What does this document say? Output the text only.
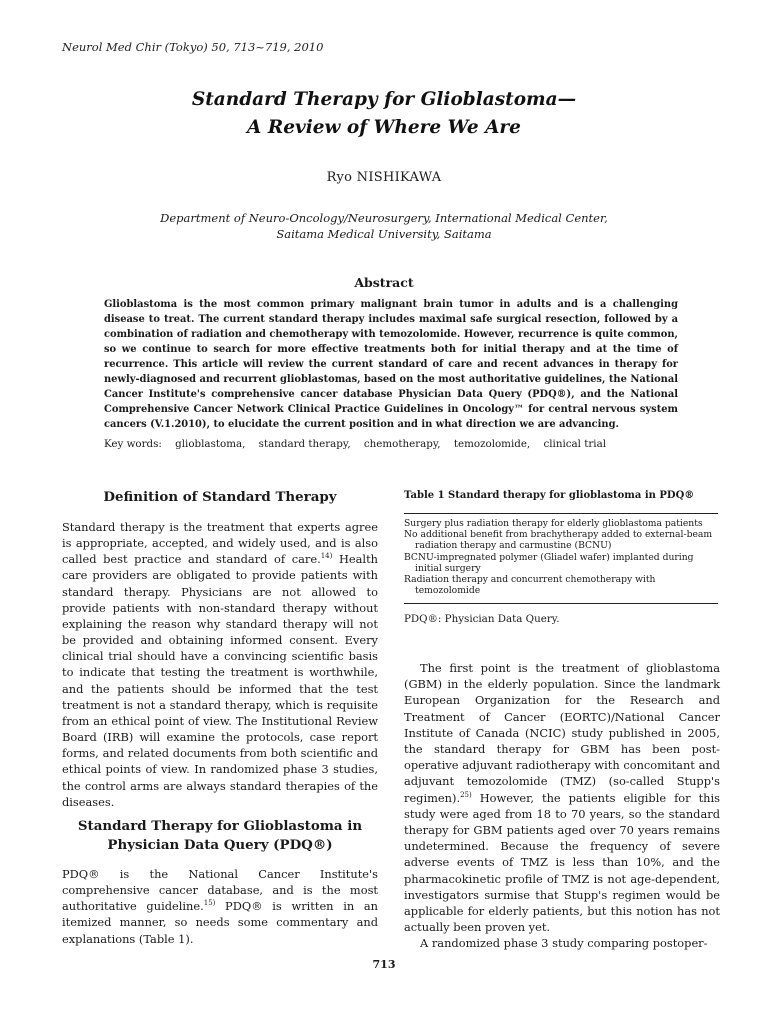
Neurol Med Chir (Tokyo) 50, 713~719, 2010
Standard Therapy for Glioblastoma—
A Review of Where We Are
Ryo NISHIKAWA
Department of Neuro-Oncology/Neurosurgery, International Medical Center,
Saitama Medical University, Saitama
Abstract
Glioblastoma is the most common primary malignant brain tumor in adults and is a challenging disease to treat. The current standard therapy includes maximal safe surgical resection, followed by a combination of radiation and chemotherapy with temozolomide. However, recurrence is quite common, so we continue to search for more effective treatments both for initial therapy and at the time of recurrence. This article will review the current standard of care and recent advances in therapy for newly-diagnosed and recurrent glioblastomas, based on the most authoritative guidelines, the National Cancer Institute's comprehensive cancer database Physician Data Query (PDQ®), and the National Comprehensive Cancer Network Clinical Practice Guidelines in Oncology™ for central nervous system cancers (V.1.2010), to elucidate the current position and in what direction we are advancing.
Key words: glioblastoma, standard therapy, chemotherapy, temozolomide, clinical trial
Definition of Standard Therapy

Standard therapy is the treatment that experts agree is appropriate, accepted, and widely used, and is also called best practice and standard of care.$^{14)}$ Health care providers are obligated to provide patients with standard therapy. Physicians are not allowed to provide patients with non-standard therapy without explaining the reason why standard therapy will not be provided and obtaining informed consent. Every clinical trial should have a convincing scientific basis to indicate that testing the treatment is worthwhile, and the patients should be informed that the test treatment is not a standard therapy, which is requisite from an ethical point of view. The Institutional Review Board (IRB) will examine the protocols, case report forms, and related documents from both scientific and ethical points of view. In randomized phase 3 studies, the control arms are always standard therapies of the diseases.

Standard Therapy for Glioblastoma in
Physician Data Query (PDQ®)

PDQ® is the National Cancer Institute's comprehensive cancer database, and is the most authoritative guideline.$^{15)}$ PDQ® is written in an itemized manner, so needs some commentary and explanations (Table 1).

Table 1 Standard therapy for glioblastoma in PDQ®
Surgery plus radiation therapy for elderly glioblastoma patients
No additional benefit from brachytherapy added to external-beam
radiation therapy and carmustine (BCNU)
BCNU-impregnated polymer (Gliadel wafer) implanted during
initial surgery
Radiation therapy and concurrent chemotherapy with
temozolomide
PDQ®: Physician Data Query.

The first point is the treatment of glioblastoma (GBM) in the elderly population. Since the landmark European Organization for the Research and Treatment of Cancer (EORTC)/National Cancer Institute of Canada (NCIC) study published in 2005, the standard therapy for GBM has been post-operative adjuvant radiotherapy with concomitant and adjuvant temozolomide (TMZ) (so-called Stupp's regimen).$^{25)}$ However, the patients eligible for this study were aged from 18 to 70 years, so the standard therapy for GBM patients aged over 70 years remains undetermined. Because the frequency of severe adverse events of TMZ is less than 10%, and the pharmacokinetic profile of TMZ is not age-dependent, investigators surmise that Stupp's regimen would be applicable for elderly patients, but this notion has not actually been proven yet.

A randomized phase 3 study comparing postoper-

713
